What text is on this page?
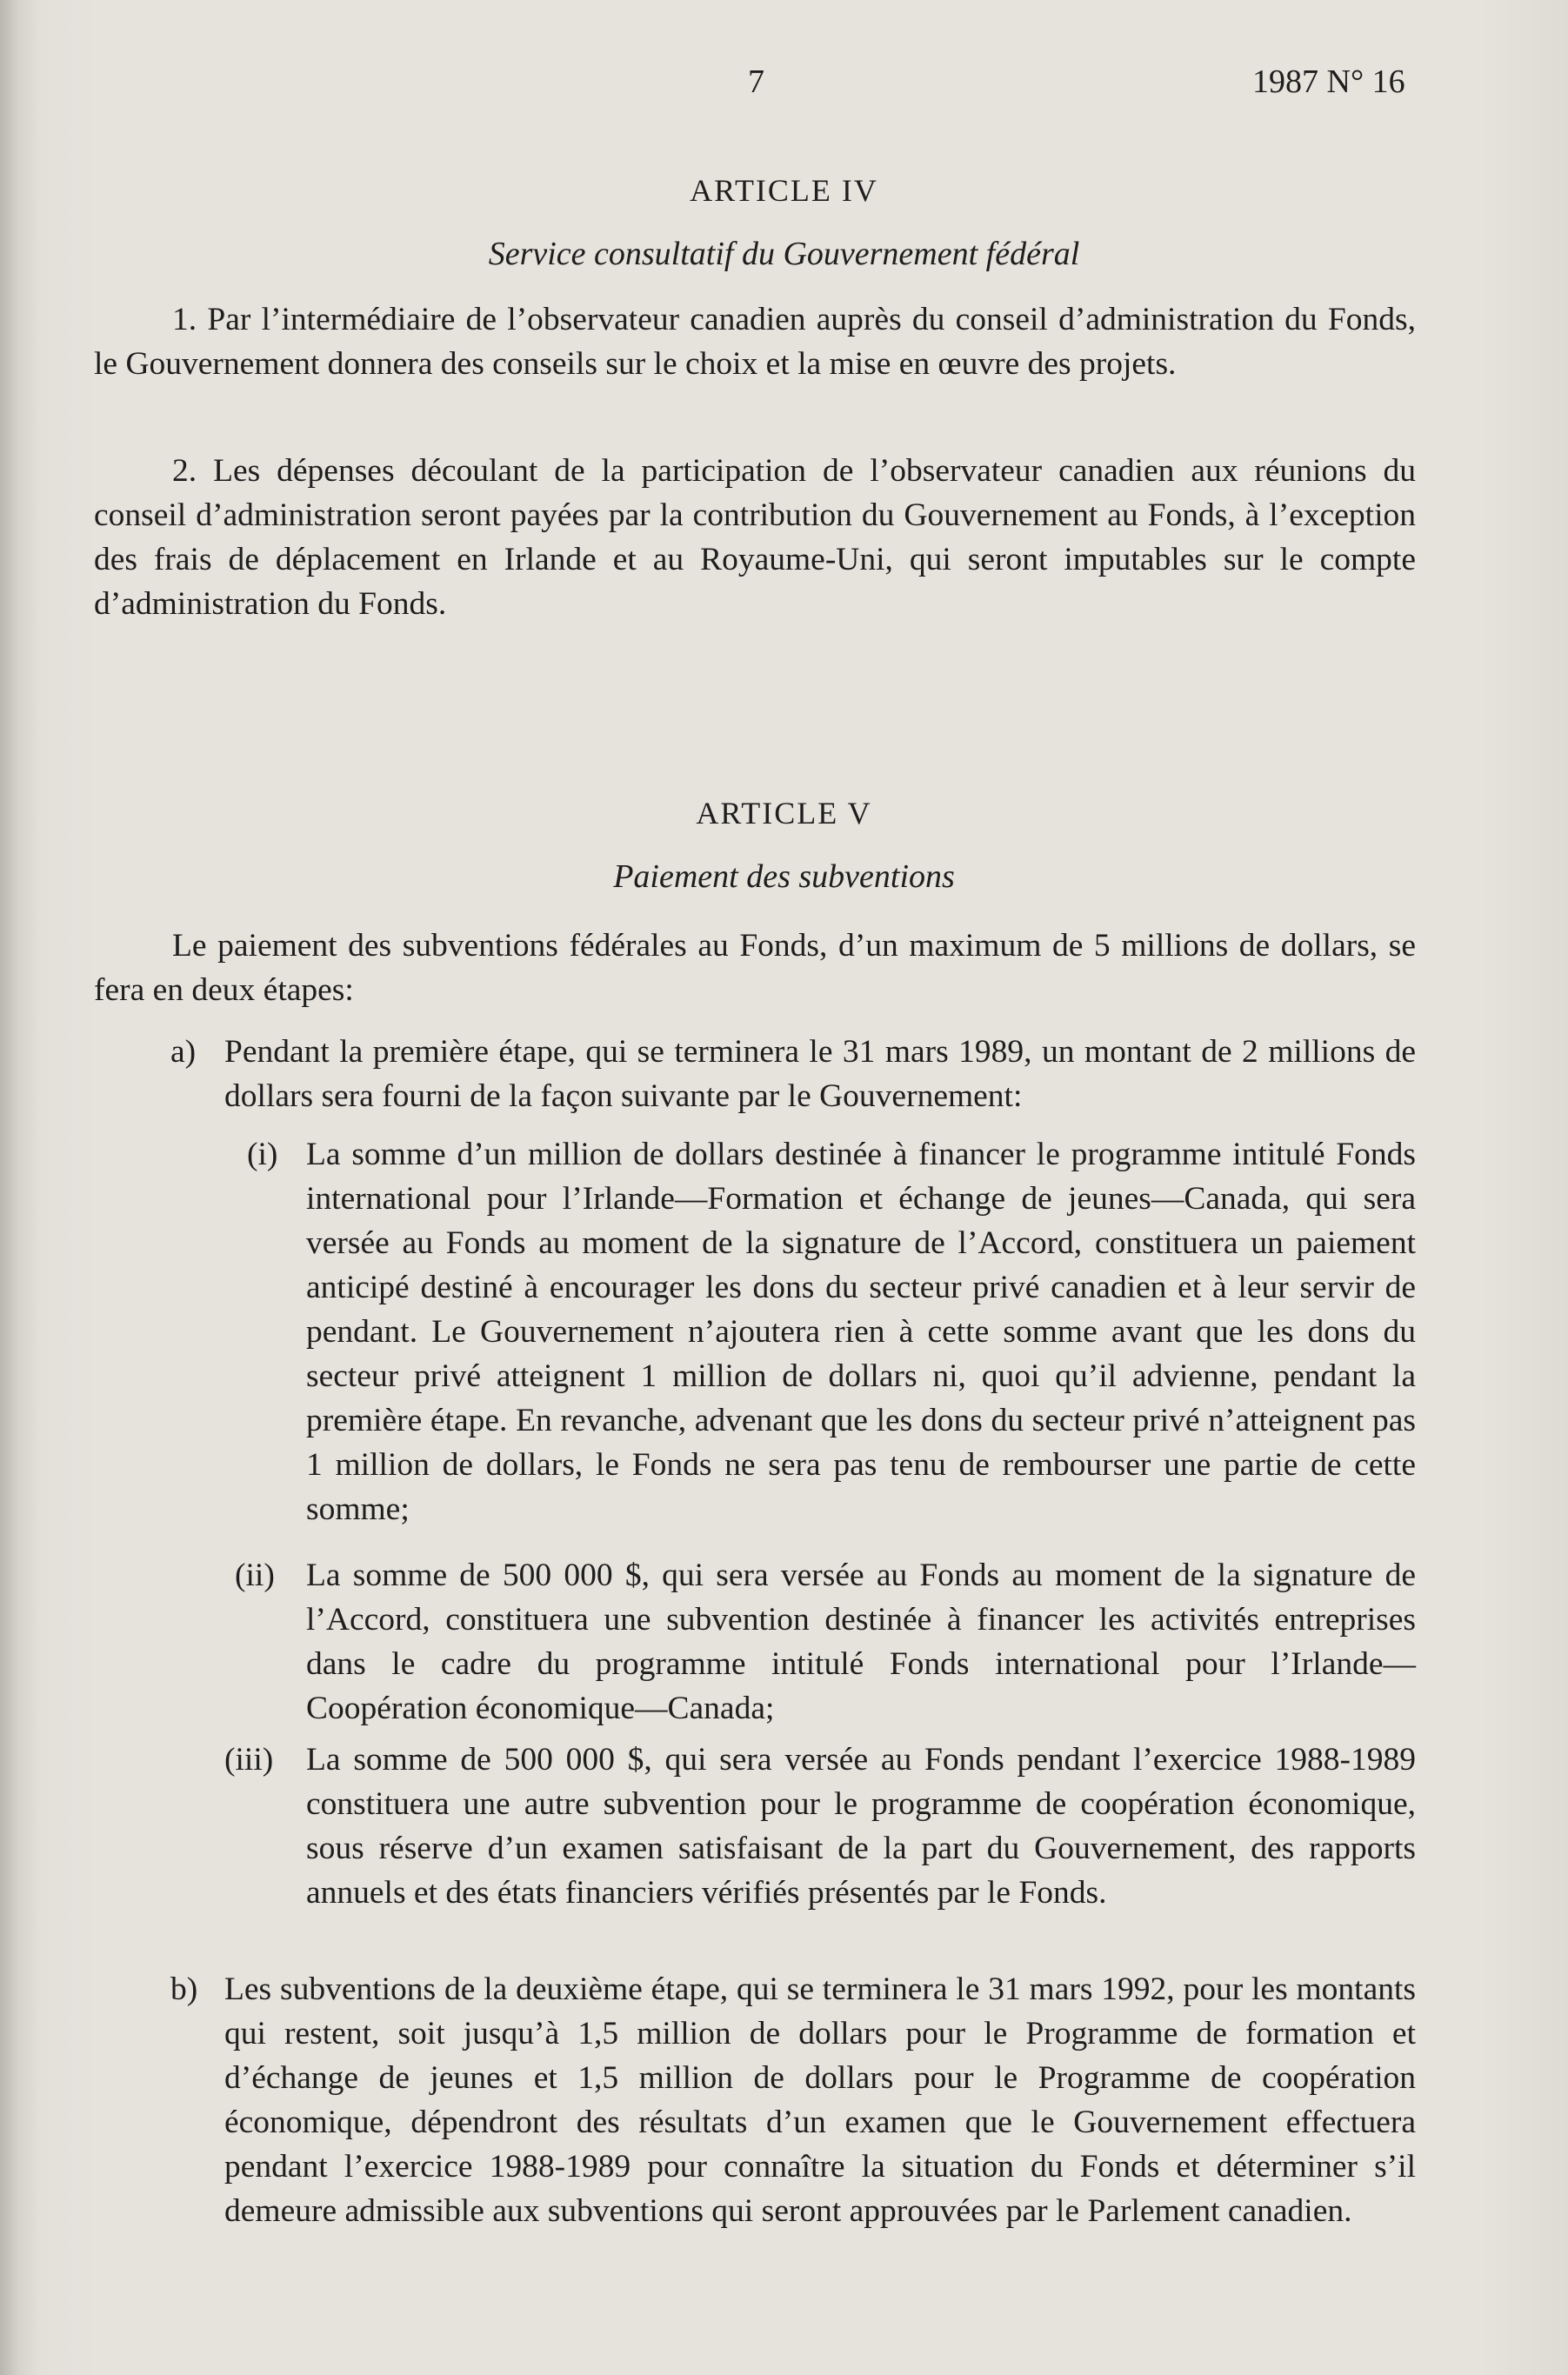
7	1987 N° 16
ARTICLE IV
Service consultatif du Gouvernement fédéral
1. Par l’intermédiaire de l’observateur canadien auprès du conseil d’administration du Fonds, le Gouvernement donnera des conseils sur le choix et la mise en œuvre des projets.
2. Les dépenses découlant de la participation de l’observateur canadien aux réunions du conseil d’administration seront payées par la contribution du Gouvernement au Fonds, à l’exception des frais de déplacement en Irlande et au Royaume-Uni, qui seront imputables sur le compte d’administration du Fonds.
ARTICLE V
Paiement des subventions
Le paiement des subventions fédérales au Fonds, d’un maximum de 5 millions de dollars, se fera en deux étapes:
a) Pendant la première étape, qui se terminera le 31 mars 1989, un montant de 2 millions de dollars sera fourni de la façon suivante par le Gouvernement:
(i) La somme d’un million de dollars destinée à financer le programme intitulé Fonds international pour l’Irlande—Formation et échange de jeunes—Canada, qui sera versée au Fonds au moment de la signature de l’Accord, constituera un paiement anticipé destiné à encourager les dons du secteur privé canadien et à leur servir de pendant. Le Gouvernement n’ajoutera rien à cette somme avant que les dons du secteur privé atteignent 1 million de dollars ni, quoi qu’il advienne, pendant la première étape. En revanche, advenant que les dons du secteur privé n’atteignent pas 1 million de dollars, le Fonds ne sera pas tenu de rembourser une partie de cette somme;
(ii) La somme de 500 000 $, qui sera versée au Fonds au moment de la signature de l’Accord, constituera une subvention destinée à financer les activités entreprises dans le cadre du programme intitulé Fonds international pour l’Irlande—Coopération économique—Canada;
(iii) La somme de 500 000 $, qui sera versée au Fonds pendant l’exercice 1988-1989 constituera une autre subvention pour le programme de coopération économique, sous réserve d’un examen satisfaisant de la part du Gouvernement, des rapports annuels et des états financiers vérifiés présentés par le Fonds.
b) Les subventions de la deuxième étape, qui se terminera le 31 mars 1992, pour les montants qui restent, soit jusqu’à 1,5 million de dollars pour le Programme de formation et d’échange de jeunes et 1,5 million de dollars pour le Programme de coopération économique, dépendront des résultats d’un examen que le Gouvernement effectuera pendant l’exercice 1988-1989 pour connaître la situation du Fonds et déterminer s’il demeure admissible aux subventions qui seront approuvées par le Parlement canadien.
